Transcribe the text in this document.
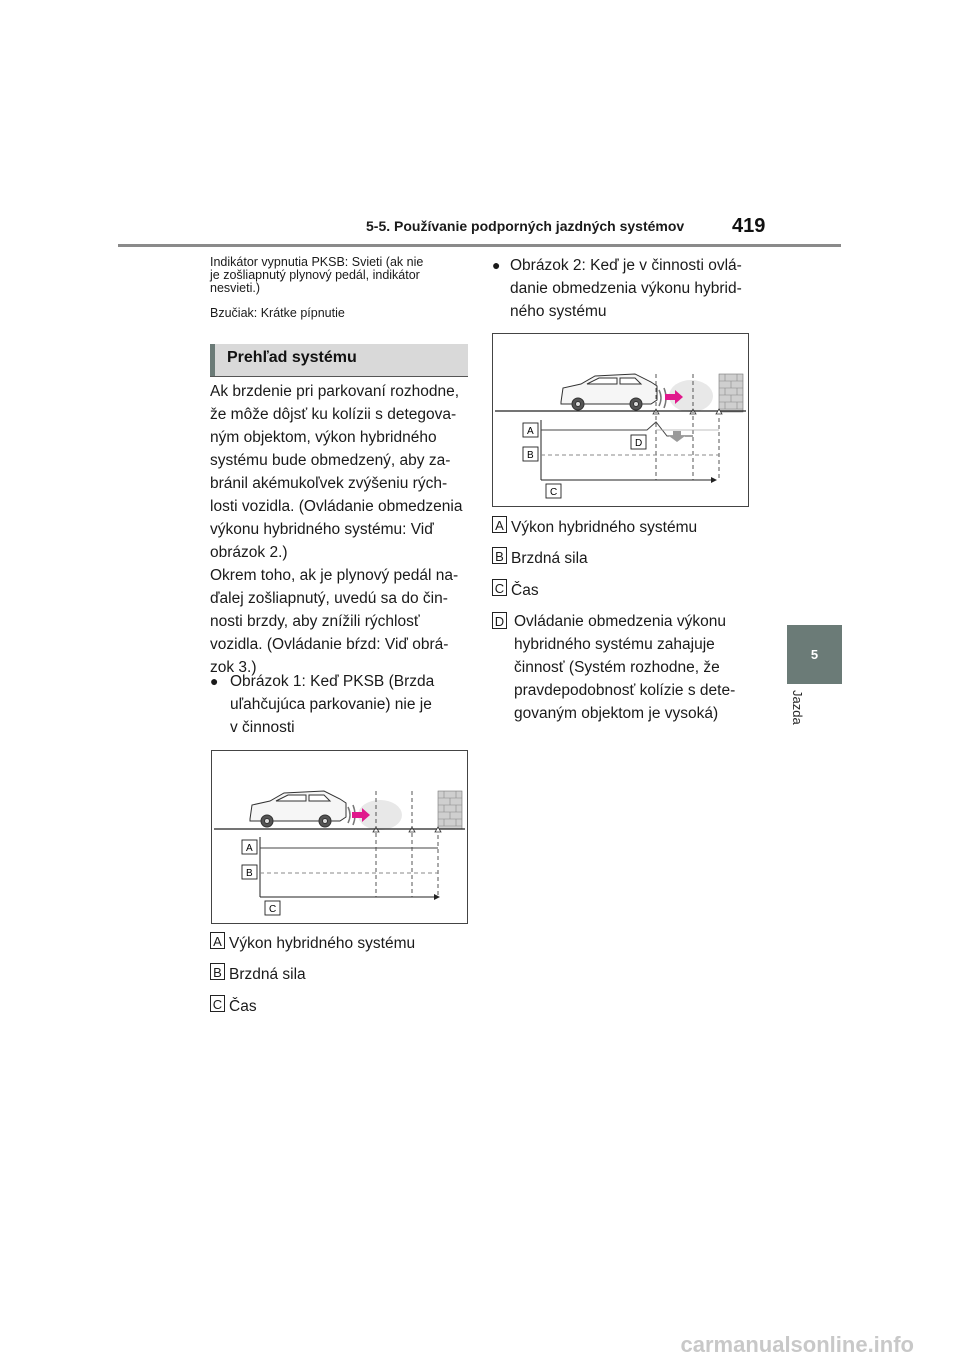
5-5. Používanie podporných jazdných systémov 419
5
Jazda
Indikátor vypnutia PKSB: Svieti (ak nie
je zošliapnutý plynový pedál, indikátor
nesvieti.)
Bzučiak: Krátke pípnutie
Prehľad systému
Ak brzdenie pri parkovaní rozhodne,
že môže dôjsť ku kolízii s detegova-
ným objektom, výkon hybridného
systému bude obmedzený, aby za-
bránil akémukoľvek zvýšeniu rých-
losti vozidla. (Ovládanie obmedzenia
výkonu hybridného systému: Viď
obrázok 2.)
Okrem toho, ak je plynový pedál na-
ďalej zošliapnutý, uvedú sa do čin-
nosti brzdy, aby znížili rýchlosť
vozidla. (Ovládanie bŕzd: Viď obrá-
zok 3.)
● Obrázok 1: Keď PKSB (Brzda
uľahčujúca parkovanie) nie je
v činnosti
A
B
C
A Výkon hybridného systému
B Brzdná sila
C Čas
● Obrázok 2: Keď je v činnosti ovlá-
danie obmedzenia výkonu hybrid-
ného systému
A
B
C
D
A Výkon hybridného systému
B Brzdná sila
C Čas
D Ovládanie obmedzenia výkonu
hybridného systému zahajuje
činnosť (Systém rozhodne, že
pravdepodobnosť kolízie s dete-
govaným objektom je vysoká)
carmanualsonline.info
